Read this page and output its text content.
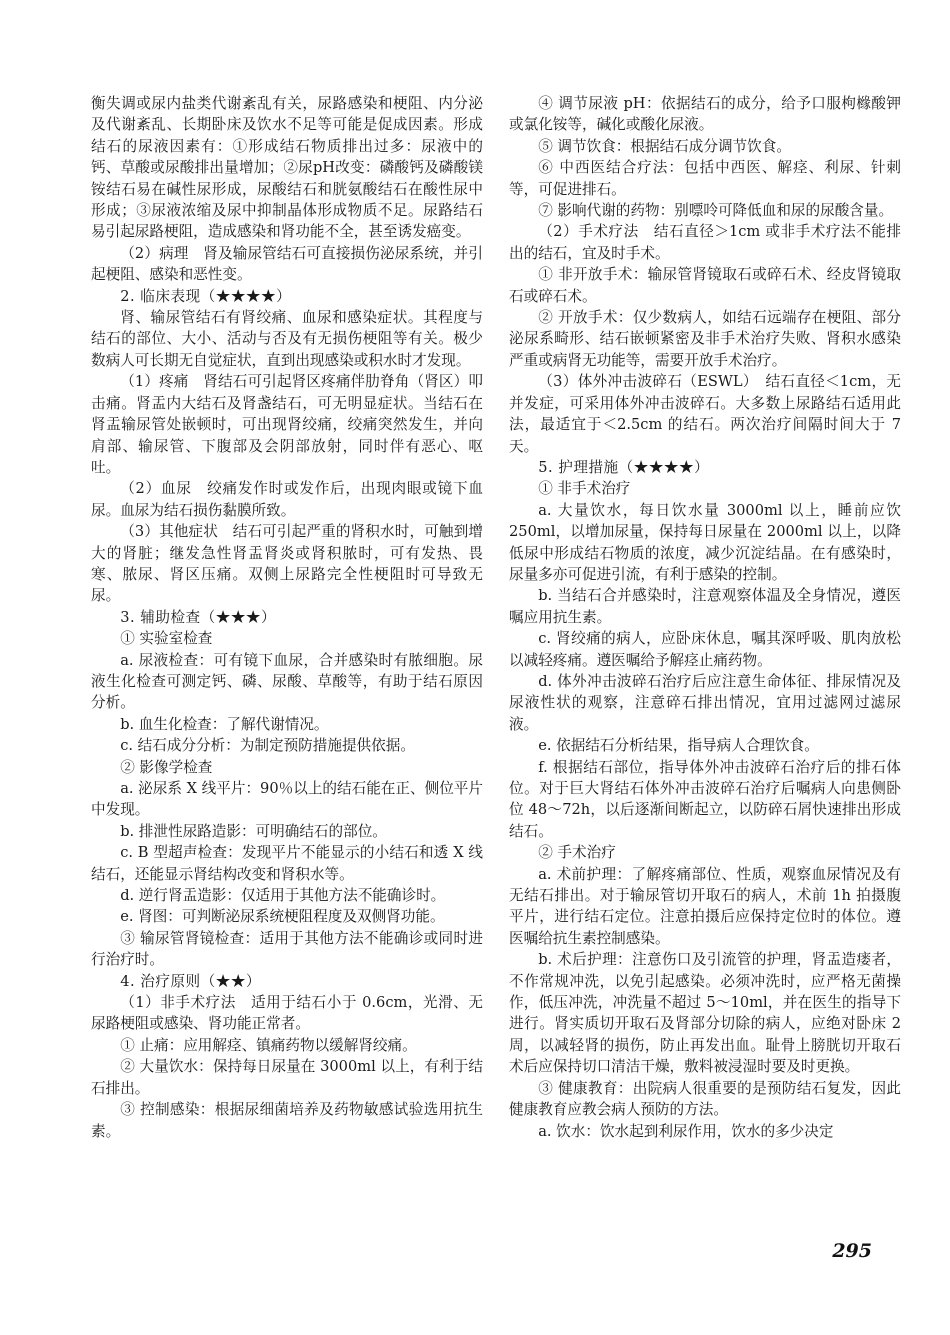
衡失调或尿内盐类代谢紊乱有关，尿路感染和梗阻、内分泌及代谢紊乱、长期卧床及饮水不足等可能是促成因素。形成结石的尿液因素有：①形成结石物质排出过多：尿液中的钙、草酸或尿酸排出量增加；②尿pH改变：磷酸钙及磷酸镁铵结石易在碱性尿形成，尿酸结石和胱氨酸结石在酸性尿中形成；③尿液浓缩及尿中抑制晶体形成物质不足。尿路结石易引起尿路梗阻，造成感染和肾功能不全，甚至诱发癌变。

（2）病理　肾及输尿管结石可直接损伤泌尿系统，并引起梗阻、感染和恶性变。

2. 临床表现（★★★★）

肾、输尿管结石有肾绞痛、血尿和感染症状。其程度与结石的部位、大小、活动与否及有无损伤梗阻等有关。极少数病人可长期无自觉症状，直到出现感染或积水时才发现。

（1）疼痛　肾结石可引起肾区疼痛伴肋脊角（肾区）叩击痛。肾盂内大结石及肾盏结石，可无明显症状。当结石在肾盂输尿管处嵌顿时，可出现肾绞痛，绞痛突然发生，并向肩部、输尿管、下腹部及会阴部放射，同时伴有恶心、呕吐。

（2）血尿　绞痛发作时或发作后，出现肉眼或镜下血尿。血尿为结石损伤黏膜所致。

（3）其他症状　结石可引起严重的肾积水时，可触到增大的肾脏；继发急性肾盂肾炎或肾积脓时，可有发热、畏寒、脓尿、肾区压痛。双侧上尿路完全性梗阻时可导致无尿。

3. 辅助检查（★★★）

① 实验室检查

a. 尿液检查：可有镜下血尿，合并感染时有脓细胞。尿液生化检查可测定钙、磷、尿酸、草酸等，有助于结石原因分析。

b. 血生化检查：了解代谢情况。

c. 结石成分分析：为制定预防措施提供依据。

② 影像学检查

a. 泌尿系 X 线平片：90％以上的结石能在正、侧位平片中发现。

b. 排泄性尿路造影：可明确结石的部位。

c. B 型超声检查：发现平片不能显示的小结石和透 X 线结石，还能显示肾结构改变和肾积水等。

d. 逆行肾盂造影：仅适用于其他方法不能确诊时。

e. 肾图：可判断泌尿系统梗阻程度及双侧肾功能。

③ 输尿管肾镜检查：适用于其他方法不能确诊或同时进行治疗时。

4. 治疗原则（★★）

（1）非手术疗法　适用于结石小于 0.6cm，光滑、无尿路梗阻或感染、肾功能正常者。

① 止痛：应用解痉、镇痛药物以缓解肾绞痛。

② 大量饮水：保持每日尿量在 3000ml 以上，有利于结石排出。

③ 控制感染：根据尿细菌培养及药物敏感试验选用抗生素。

④ 调节尿液 pH：依据结石的成分，给予口服枸橼酸钾或氯化铵等，碱化或酸化尿液。

⑤ 调节饮食：根据结石成分调节饮食。

⑥ 中西医结合疗法：包括中西医、解痉、利尿、针刺等，可促进排石。

⑦ 影响代谢的药物：别嘌呤可降低血和尿的尿酸含量。

（2）手术疗法　结石直径＞1cm 或非手术疗法不能排出的结石，宜及时手术。

① 非开放手术：输尿管肾镜取石或碎石术、经皮肾镜取石或碎石术。

② 开放手术：仅少数病人，如结石远端存在梗阻、部分泌尿系畸形、结石嵌顿紧密及非手术治疗失败、肾积水感染严重或病肾无功能等，需要开放手术治疗。

（3）体外冲击波碎石（ESWL）　结石直径＜1cm，无并发症，可采用体外冲击波碎石。大多数上尿路结石适用此法，最适宜于＜2.5cm 的结石。两次治疗间隔时间大于 7 天。

5. 护理措施（★★★★）

① 非手术治疗

a. 大量饮水，每日饮水量 3000ml 以上，睡前应饮 250ml，以增加尿量，保持每日尿量在 2000ml 以上，以降低尿中形成结石物质的浓度，减少沉淀结晶。在有感染时，尿量多亦可促进引流，有利于感染的控制。

b. 当结石合并感染时，注意观察体温及全身情况，遵医嘱应用抗生素。

c. 肾绞痛的病人，应卧床休息，嘱其深呼吸、肌肉放松以减轻疼痛。遵医嘱给予解痉止痛药物。

d. 体外冲击波碎石治疗后应注意生命体征、排尿情况及尿液性状的观察，注意碎石排出情况，宜用过滤网过滤尿液。

e. 依据结石分析结果，指导病人合理饮食。

f. 根据结石部位，指导体外冲击波碎石治疗后的排石体位。对于巨大肾结石体外冲击波碎石治疗后嘱病人向患侧卧位 48～72h，以后逐渐间断起立，以防碎石屑快速排出形成结石。

② 手术治疗

a. 术前护理：了解疼痛部位、性质，观察血尿情况及有无结石排出。对于输尿管切开取石的病人，术前 1h 拍摄腹平片，进行结石定位。注意拍摄后应保持定位时的体位。遵医嘱给抗生素控制感染。

b. 术后护理：注意伤口及引流管的护理，肾盂造瘘者，不作常规冲洗，以免引起感染。必须冲洗时，应严格无菌操作，低压冲洗，冲洗量不超过 5～10ml，并在医生的指导下进行。肾实质切开取石及肾部分切除的病人，应绝对卧床 2 周，以减轻肾的损伤，防止再发出血。耻骨上膀胱切开取石术后应保持切口清洁干燥，敷料被浸湿时要及时更换。

③ 健康教育：出院病人很重要的是预防结石复发，因此健康教育应教会病人预防的方法。

a. 饮水：饮水起到利尿作用，饮水的多少决定

295
